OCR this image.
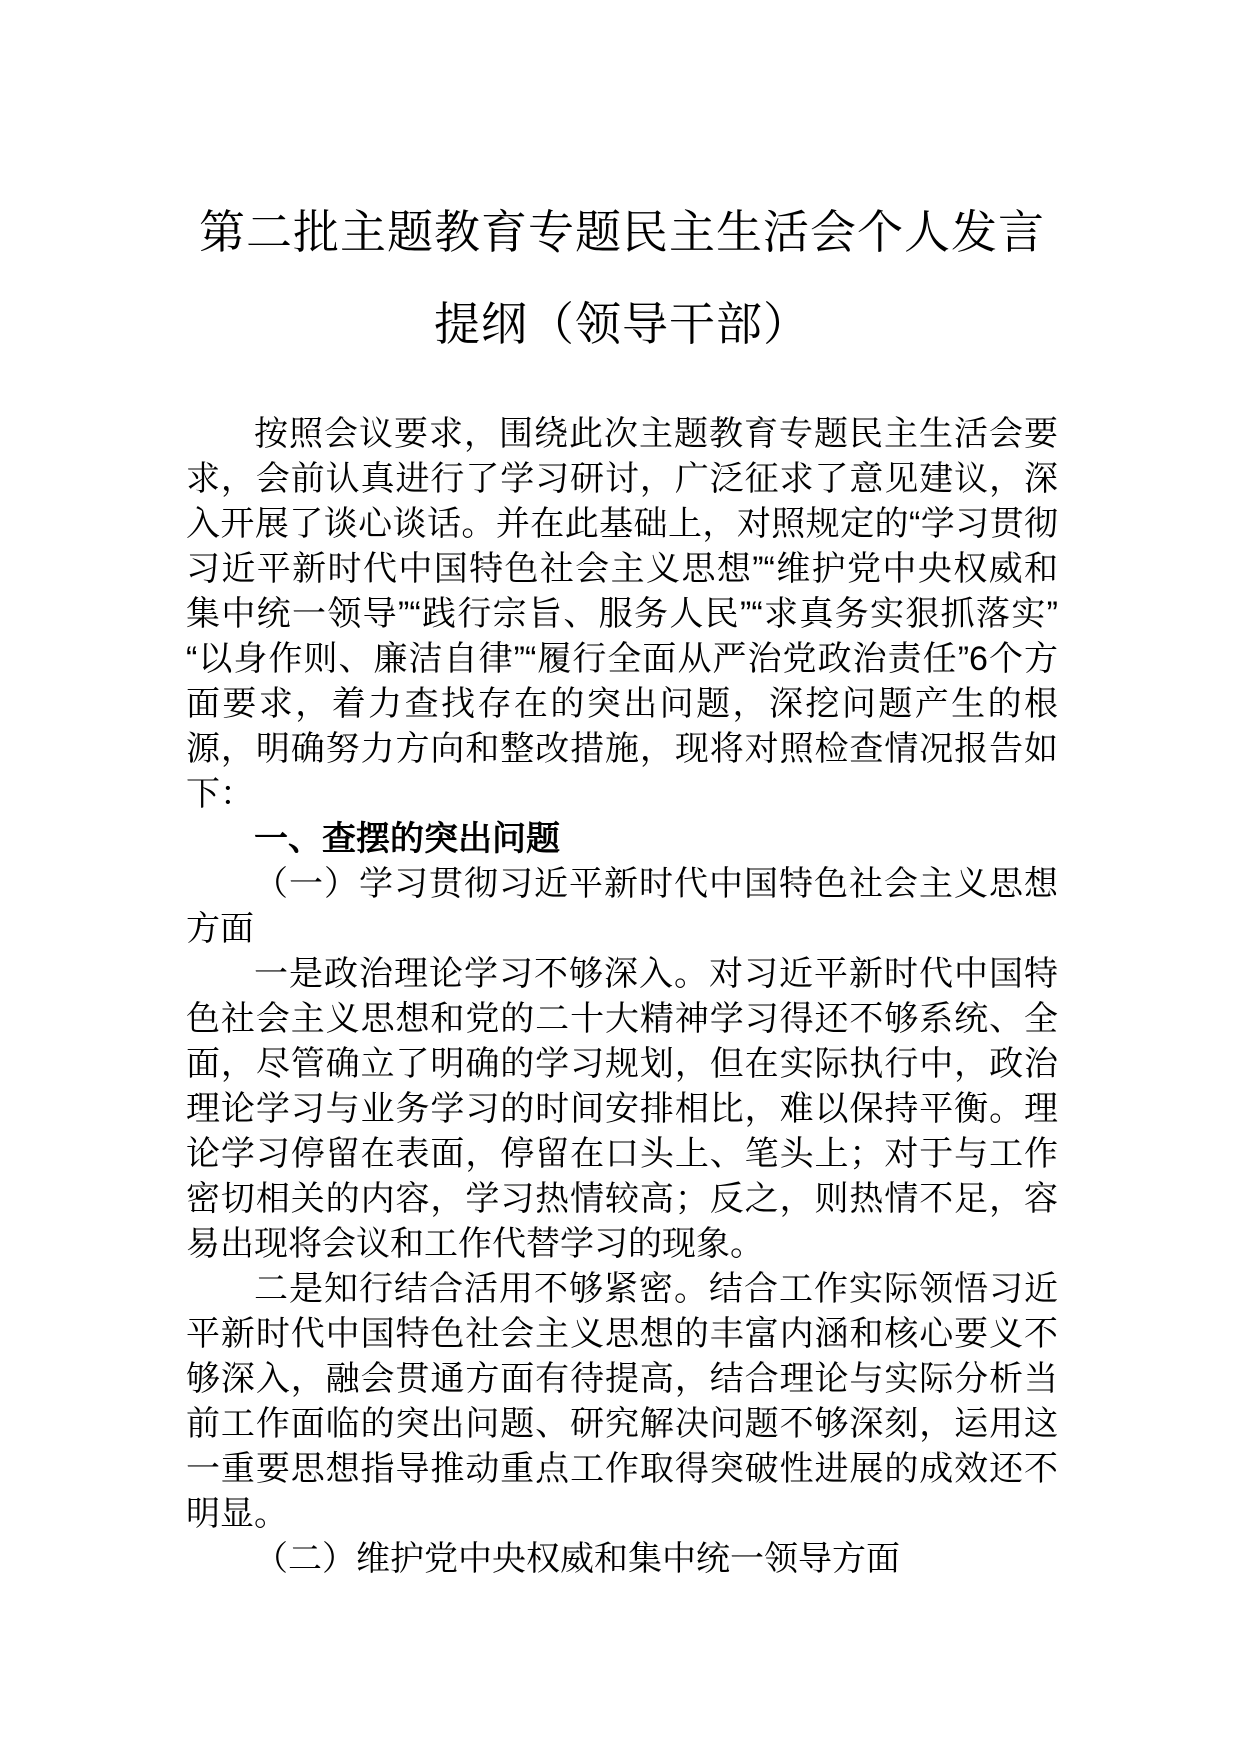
第二批主题教育专题民主生活会个人发言
提纲（领导干部）

按照会议要求，围绕此次主题教育专题民主生活会要求，会前认真进行了学习研讨，广泛征求了意见建议，深入开展了谈心谈话。并在此基础上，对照规定的“学习贯彻习近平新时代中国特色社会主义思想”“维护党中央权威和集中统一领导”“践行宗旨、服务人民”“求真务实狠抓落实”“以身作则、廉洁自律”“履行全面从严治党政治责任”6个方面要求，着力查找存在的突出问题，深挖问题产生的根源，明确努力方向和整改措施，现将对照检查情况报告如下：

一、查摆的突出问题

（一）学习贯彻习近平新时代中国特色社会主义思想方面

一是政治理论学习不够深入。对习近平新时代中国特色社会主义思想和党的二十大精神学习得还不够系统、全面，尽管确立了明确的学习规划，但在实际执行中，政治理论学习与业务学习的时间安排相比，难以保持平衡。理论学习停留在表面，停留在口头上、笔头上；对于与工作密切相关的内容，学习热情较高；反之，则热情不足，容易出现将会议和工作代替学习的现象。

二是知行结合活用不够紧密。结合工作实际领悟习近平新时代中国特色社会主义思想的丰富内涵和核心要义不够深入，融会贯通方面有待提高，结合理论与实际分析当前工作面临的突出问题、研究解决问题不够深刻，运用这一重要思想指导推动重点工作取得突破性进展的成效还不明显。

（二）维护党中央权威和集中统一领导方面
